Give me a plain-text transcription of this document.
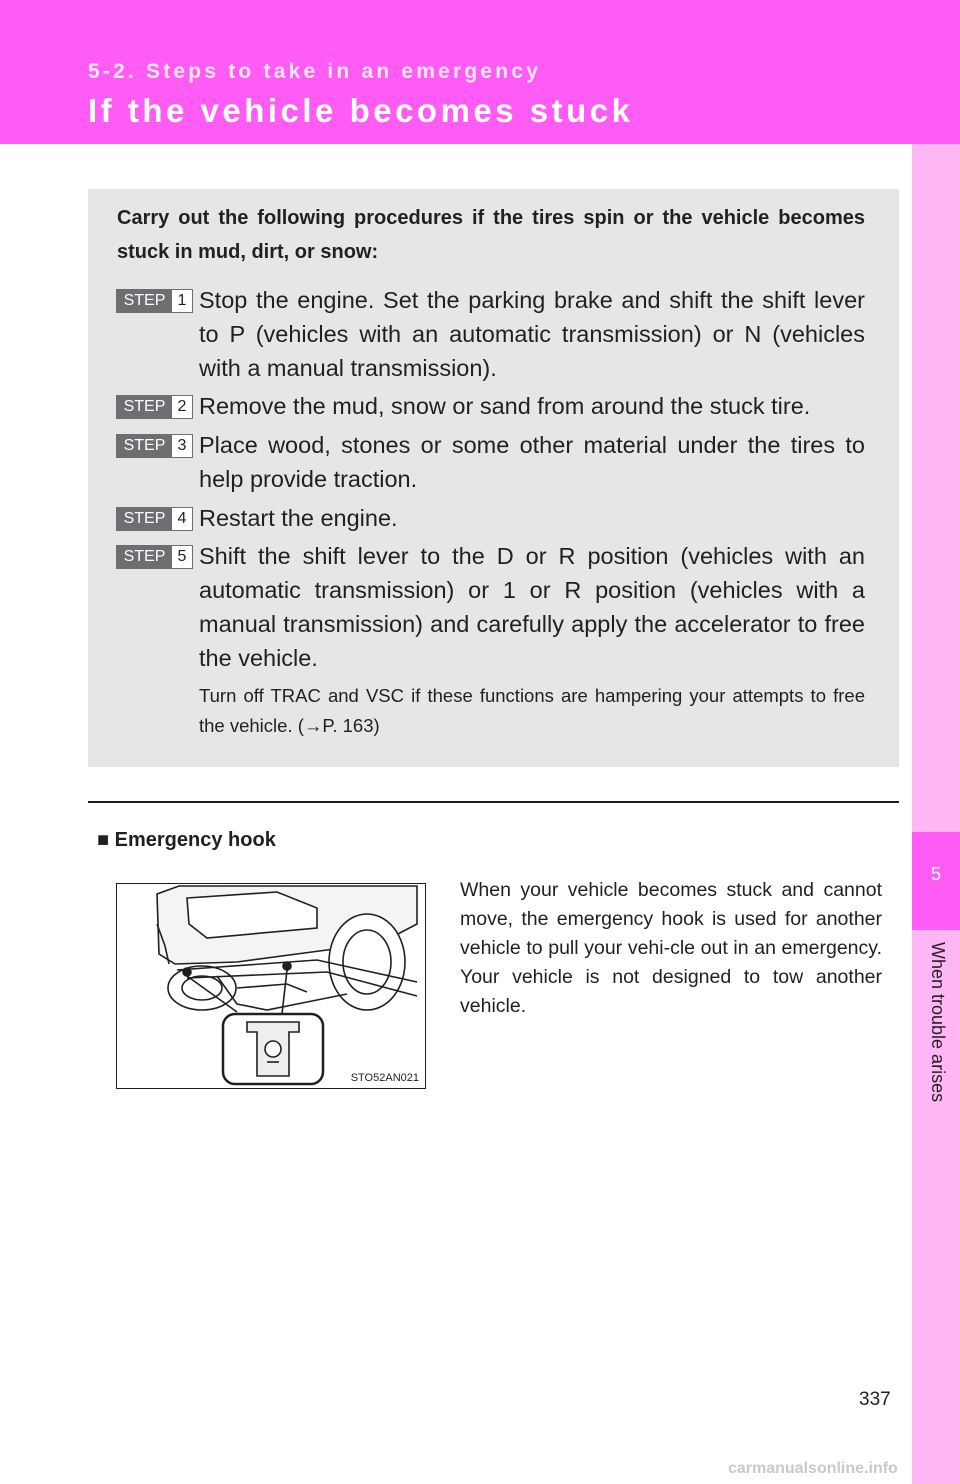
5-2. Steps to take in an emergency
If the vehicle becomes stuck
5
When trouble arises
Carry out the following procedures if the tires spin or the vehicle becomes stuck in mud, dirt, or snow:
STEP 1 Stop the engine. Set the parking brake and shift the shift lever to P (vehicles with an automatic transmission) or N (vehicles with a manual transmission).
STEP 2 Remove the mud, snow or sand from around the stuck tire.
STEP 3 Place wood, stones or some other material under the tires to help provide traction.
STEP 4 Restart the engine.
STEP 5 Shift the shift lever to the D or R position (vehicles with an automatic transmission) or 1 or R position (vehicles with a manual transmission) and carefully apply the accelerator to free the vehicle.
Turn off TRAC and VSC if these functions are hampering your attempts to free the vehicle. (→P. 163)
■ Emergency hook
STO52AN021
When your vehicle becomes stuck and cannot move, the emergency hook is used for another vehicle to pull your vehi-cle out in an emergency. Your vehicle is not designed to tow another vehicle.
337
carmanualsonline.info
